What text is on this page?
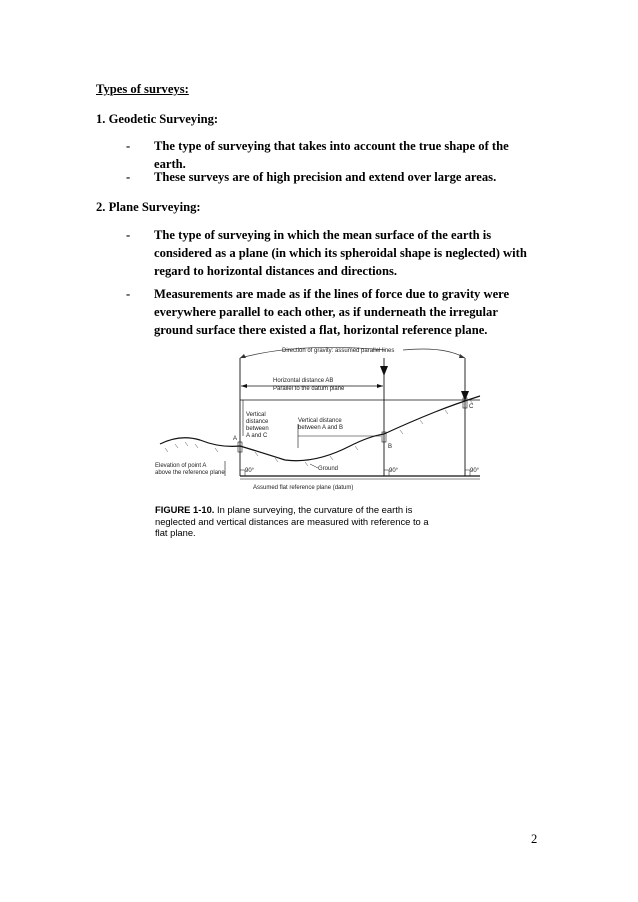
Types of surveys:
1. Geodetic Surveying:
- The type of surveying that takes into account the true shape of the
earth.
- These surveys are of high precision and extend over large areas.
2. Plane Surveying:
- The type of surveying in which the mean surface of the earth is
considered as a plane (in which its spheroidal shape is neglected) with
regard to horizontal distances and directions.
- Measurements are made as if the lines of force due to gravity were
everywhere parallel to each other, as if underneath the irregular
ground surface there existed a flat, horizontal reference plane.
Direction of gravity: assumed parallel lines
Horizontal distance AB
Parallel to the datum plane
Vertical
distance
between
A and C
Vertical distance
between A and B
A
B
C
Elevation of point A
above the reference plane
Ground
90°	90°	90°
Assumed flat reference plane (datum)
FIGURE 1-10. In plane surveying, the curvature of the earth is
neglected and vertical distances are measured with reference to a
flat plane.
2
